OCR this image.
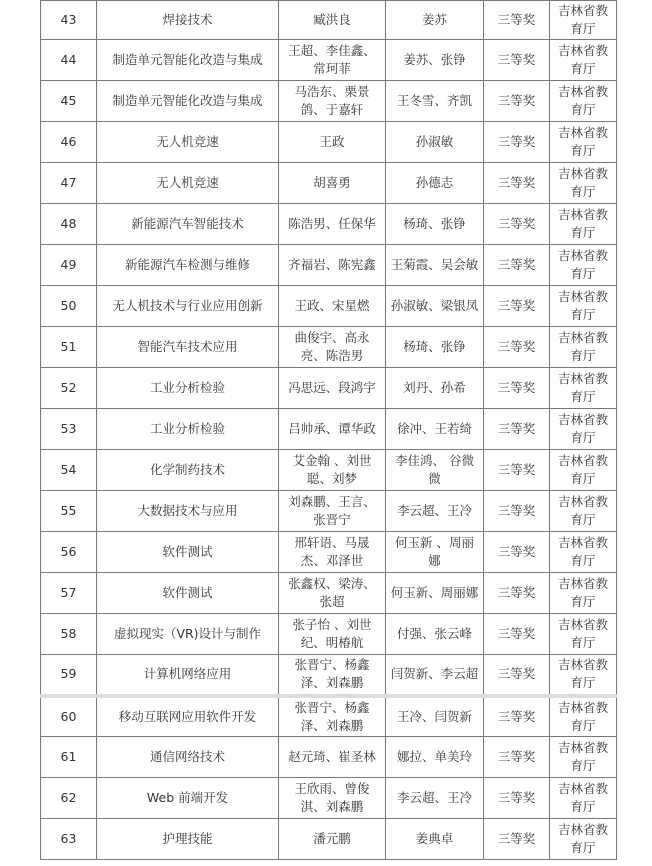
43	焊接技术	臧洪良	姜苏	三等奖	吉林省教育厅
44	制造单元智能化改造与集成	王超、李佳鑫、常珂菲	姜苏、张铮	三等奖	吉林省教育厅
45	制造单元智能化改造与集成	马浩东、栗景鸽、于嘉轩	王冬雪、齐凯	三等奖	吉林省教育厅
46	无人机竞速	王政	孙淑敏	三等奖	吉林省教育厅
47	无人机竞速	胡喜勇	孙德志	三等奖	吉林省教育厅
48	新能源汽车智能技术	陈浩男、任保华	杨琦、张铮	三等奖	吉林省教育厅
49	新能源汽车检测与维修	齐福岩、陈宪鑫	王菊霞、吴会敏	三等奖	吉林省教育厅
50	无人机技术与行业应用创新	王政、宋星燃	孙淑敏、梁银凤	三等奖	吉林省教育厅
51	智能汽车技术应用	曲俊宇、高永亮、陈浩男	杨琦、张铮	三等奖	吉林省教育厅
52	工业分析检验	冯思远、段鸿宇	刘丹、孙希	三等奖	吉林省教育厅
53	工业分析检验	吕帅承、谭华政	徐冲、王若绮	三等奖	吉林省教育厅
54	化学制药技术	艾金翰 、刘世聪、刘梦	李佳鸿、 谷微微	三等奖	吉林省教育厅
55	大数据技术与应用	刘森鹏、王言、张晋宁	李云超、王冷	三等奖	吉林省教育厅
56	软件测试	邢轩语、马晟杰、邓泽世	何玉新 、周丽娜	三等奖	吉林省教育厅
57	软件测试	张鑫权、梁涛、张超	何玉新、周丽娜	三等奖	吉林省教育厅
58	虚拟现实（VR)设计与制作	张子怡 、刘世纪、明椿航	付强、张云峰	三等奖	吉林省教育厅
59	计算机网络应用	张晋宁、杨鑫泽、刘森鹏	闫贺新、李云超	三等奖	吉林省教育厅
60	移动互联网应用软件开发	张晋宁、杨鑫泽、刘森鹏	王冷、闫贺新	三等奖	吉林省教育厅
61	通信网络技术	赵元琦、崔圣林	娜拉、单美玲	三等奖	吉林省教育厅
62	Web 前端开发	王欣雨、曾俊淇、刘森鹏	李云超、王冷	三等奖	吉林省教育厅
63	护理技能	潘元鹏	姜典卓	三等奖	吉林省教育厅
